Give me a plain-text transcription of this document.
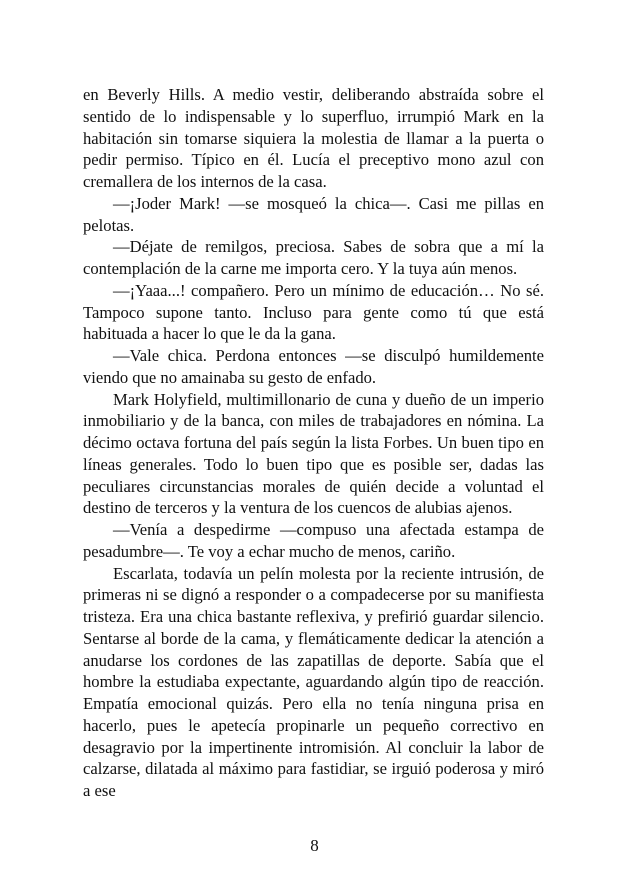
en Beverly Hills. A medio vestir, deliberando abstraída sobre el sentido de lo indispensable y lo superfluo, irrumpió Mark en la habitación sin tomarse siquiera la molestia de llamar a la puerta o pedir permiso. Típico en él. Lucía el preceptivo mono azul con cremallera de los internos de la casa.

—¡Joder Mark! —se mosqueó la chica—. Casi me pillas en pelotas.

—Déjate de remilgos, preciosa. Sabes de sobra que a mí la contemplación de la carne me importa cero. Y la tuya aún menos.

—¡Yaaa...! compañero. Pero un mínimo de educación… No sé. Tampoco supone tanto. Incluso para gente como tú que está habituada a hacer lo que le da la gana.

—Vale chica. Perdona entonces —se disculpó humildemente viendo que no amainaba su gesto de enfado.

Mark Holyfield, multimillonario de cuna y dueño de un imperio inmobiliario y de la banca, con miles de trabajadores en nómina. La décimo octava fortuna del país según la lista Forbes. Un buen tipo en líneas generales. Todo lo buen tipo que es posible ser, dadas las peculiares circunstancias morales de quién decide a voluntad el destino de terceros y la ventura de los cuencos de alubias ajenos.

—Venía a despedirme —compuso una afectada estampa de pesadumbre—. Te voy a echar mucho de menos, cariño.

Escarlata, todavía un pelín molesta por la reciente intrusión, de primeras ni se dignó a responder o a compadecerse por su manifiesta tristeza. Era una chica bastante reflexiva, y prefirió guardar silencio. Sentarse al borde de la cama, y flemáticamente dedicar la atención a anudarse los cordones de las zapatillas de deporte. Sabía que el hombre la estudiaba expectante, aguardando algún tipo de reacción. Empatía emocional quizás. Pero ella no tenía ninguna prisa en hacerlo, pues le apetecía propinarle un pequeño correctivo en desagravio por la impertinente intromisión. Al concluir la labor de calzarse, dilatada al máximo para fastidiar, se irguió poderosa y miró a ese

8
